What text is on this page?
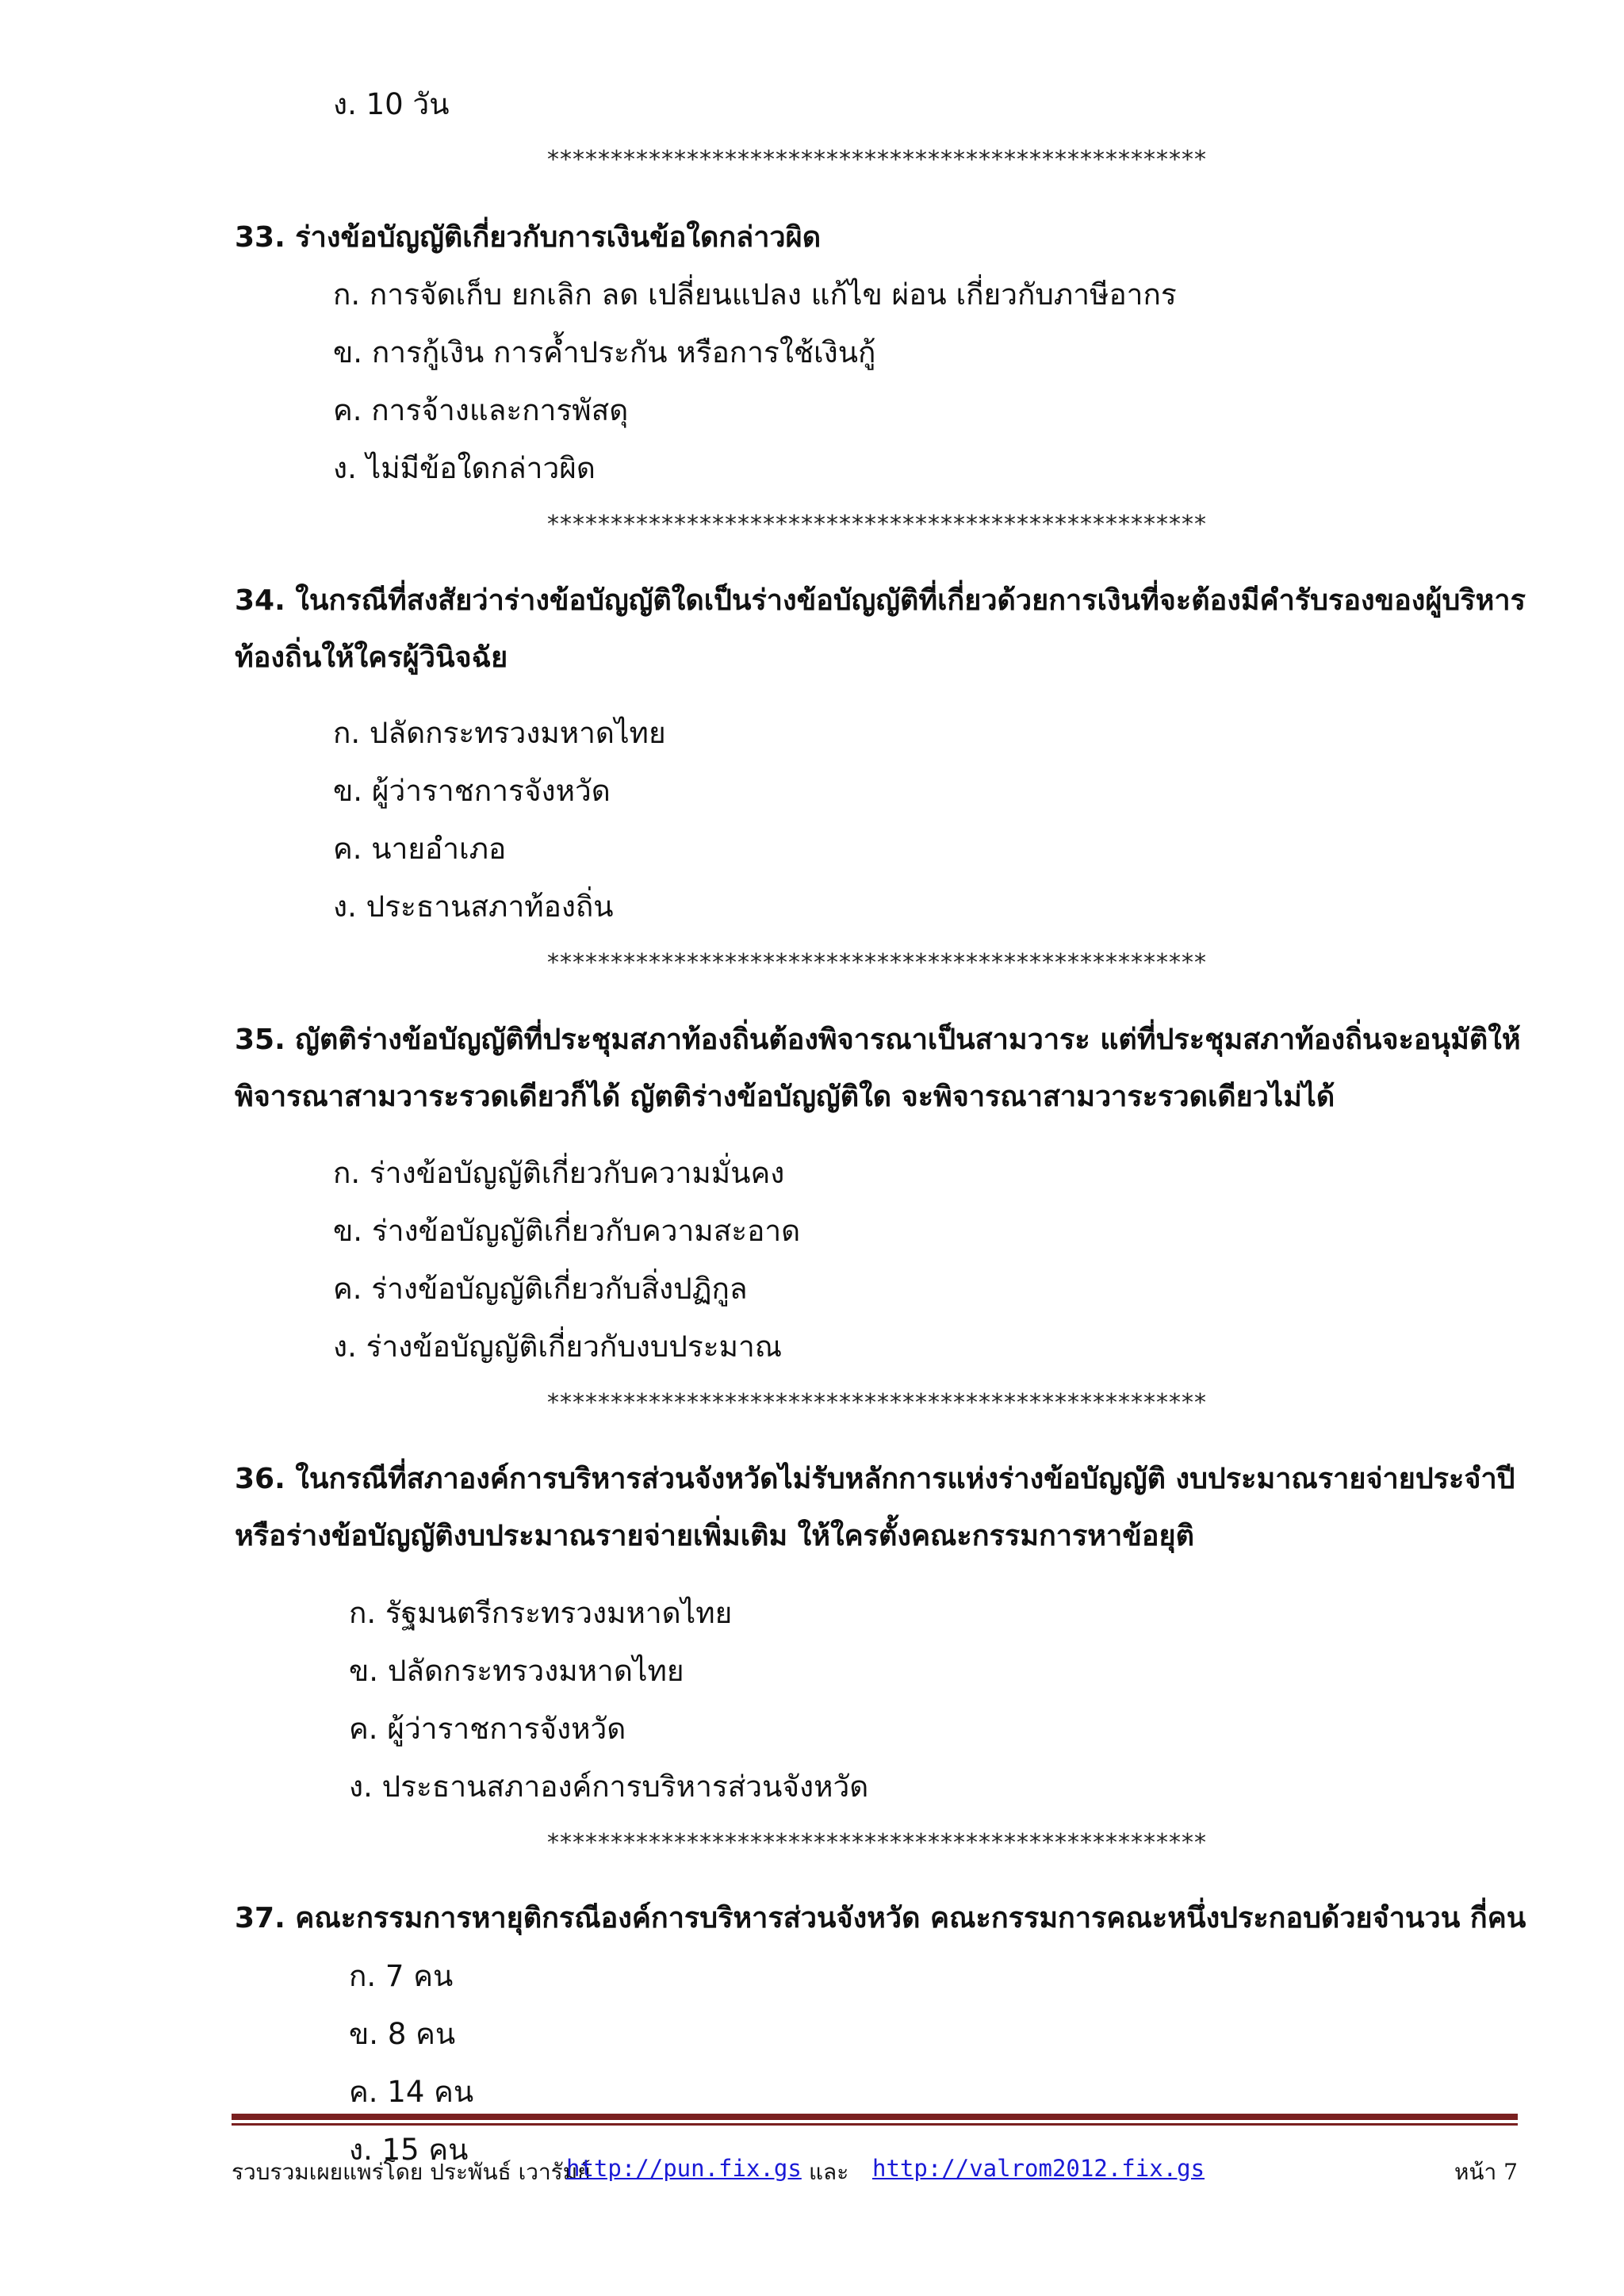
ง. 10 วัน
****************************************************
33. ร่างข้อบัญญัติเกี่ยวกับการเงินข้อใดกล่าวผิด
ก. การจัดเก็บ ยกเลิก ลด เปลี่ยนแปลง แก้ไข ผ่อน เกี่ยวกับภาษีอากร
ข. การกู้เงิน การค้ำประกัน หรือการใช้เงินกู้
ค. การจ้างและการพัสดุ
ง. ไม่มีข้อใดกล่าวผิด
****************************************************
34. ในกรณีที่สงสัยว่าร่างข้อบัญญัติใดเป็นร่างข้อบัญญัติที่เกี่ยวด้วยการเงินที่จะต้องมีคำรับรองของผู้บริหาร
ท้องถิ่นให้ใครผู้วินิจฉัย
ก. ปลัดกระทรวงมหาดไทย
ข. ผู้ว่าราชการจังหวัด
ค. นายอำเภอ
ง. ประธานสภาท้องถิ่น
****************************************************
35. ญัตติร่างข้อบัญญัติที่ประชุมสภาท้องถิ่นต้องพิจารณาเป็นสามวาระ แต่ที่ประชุมสภาท้องถิ่นจะอนุมัติให้
พิจารณาสามวาระรวดเดียวก็ได้ ญัตติร่างข้อบัญญัติใด จะพิจารณาสามวาระรวดเดียวไม่ได้
ก. ร่างข้อบัญญัติเกี่ยวกับความมั่นคง
ข. ร่างข้อบัญญัติเกี่ยวกับความสะอาด
ค. ร่างข้อบัญญัติเกี่ยวกับสิ่งปฏิกูล
ง. ร่างข้อบัญญัติเกี่ยวกับงบประมาณ
****************************************************
36. ในกรณีที่สภาองค์การบริหารส่วนจังหวัดไม่รับหลักการแห่งร่างข้อบัญญัติ งบประมาณรายจ่ายประจำปี
หรือร่างข้อบัญญัติงบประมาณรายจ่ายเพิ่มเติม ให้ใครตั้งคณะกรรมการหาข้อยุติ
ก. รัฐมนตรีกระทรวงมหาดไทย
ข. ปลัดกระทรวงมหาดไทย
ค. ผู้ว่าราชการจังหวัด
ง. ประธานสภาองค์การบริหารส่วนจังหวัด
****************************************************
37. คณะกรรมการหายุติกรณีองค์การบริหารส่วนจังหวัด คณะกรรมการคณะหนึ่งประกอบด้วยจำนวน กี่คน
ก. 7 คน
ข. 8 คน
ค. 14 คน
ง. 15 คน
รวบรวมเผยแพร่โดย ประพันธ์ เวารัมย์
http://pun.fix.gs และ http://valrom2012.fix.gs	หน้า 7
